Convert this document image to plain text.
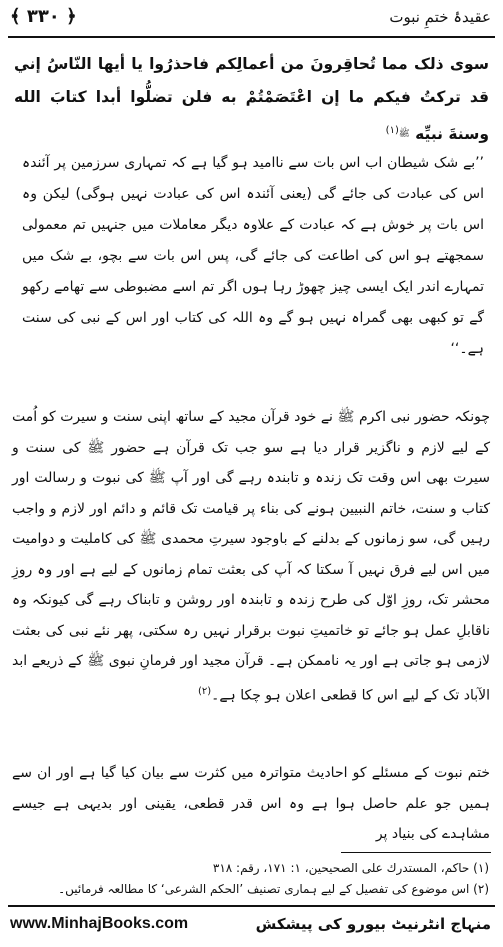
﴿ ۳۳۰ ﴾	عقیدۂ ختمِ نبوت
سوى ذلک مما تُحاقِرونَ من أعمالِكم فاحذرُوا يا أيها النّاسُ إني قد تركتُ فيكم ما إن اعْتَصَمْتُمْ به فلن تضلُّوا أبدا كتابَ الله وسنةَ نبيِّه ﷺ$^{(۱)}$
’’بے شک شیطان اب اس بات سے ناامید ہو گیا ہے کہ تمہاری سرزمین پر آئندہ اس کی عبادت کی جائے گی (یعنی آئندہ اس کی عبادت نہیں ہوگی) لیکن وہ اس بات پر خوش ہے کہ عبادت کے علاوہ دیگر معاملات میں جنہیں تم معمولی سمجھتے ہو اس کی اطاعت کی جائے گی، پس اس بات سے بچو، بے شک میں تمہارے اندر ایک ایسی چیز چھوڑ رہا ہوں اگر تم اسے مضبوطی سے تھامے رکھو گے تو کبھی بھی گمراہ نہیں ہو گے وہ اللہ کی کتاب اور اس کے نبی کی سنت ہے۔‘‘
چونکہ حضور نبی اکرم ﷺ نے خود قرآن مجید کے ساتھ اپنی سنت و سیرت کو اُمت کے لیے لازم و ناگزیر قرار دیا ہے سو جب تک قرآن ہے حضور ﷺ کی سنت و سیرت بھی اس وقت تک زندہ و تابندہ رہے گی اور آپ ﷺ کی نبوت و رسالت اور کتاب و سنت، خاتم النبیین ہونے کی بناء پر قیامت تک قائم و دائم اور لازم و واجب رہیں گی، سو زمانوں کے بدلنے کے باوجود سیرتِ محمدی ﷺ کی کاملیت و دوامیت میں اس لیے فرق نہیں آ سکتا کہ آپ کی بعثت تمام زمانوں کے لیے ہے اور وہ روزِ محشر تک، روزِ اوّل کی طرح زندہ و تابندہ اور روشن و تابناک رہے گی کیونکہ وہ ناقابلِ عمل ہو جائے تو خاتمیتِ نبوت برقرار نہیں رہ سکتی، پھر نئے نبی کی بعثت لازمی ہو جاتی ہے اور یہ ناممکن ہے۔ قرآن مجید اور فرمانِ نبوی ﷺ کے ذریعے ابد الآباد تک کے لیے اس کا قطعی اعلان ہو چکا ہے۔$^{(۲)}$
ختم نبوت کے مسئلے کو احادیث متواترہ میں کثرت سے بیان کیا گیا ہے اور ان سے ہمیں جو علم حاصل ہوا ہے وہ اس قدر قطعی، یقینی اور بدیہی ہے جیسے مشاہدے کی بنیاد پر
(۱) حاكم، المستدرك على الصحيحين، ۱: ۱۷۱، رقم: ۳۱۸
(۲) اس موضوع کی تفصیل کے لیے ہماری تصنیف ’الحکم الشرعی‘ کا مطالعہ فرمائیں۔
www.MinhajBooks.com	منہاج انٹرنیٹ بیورو کی پیشکش
